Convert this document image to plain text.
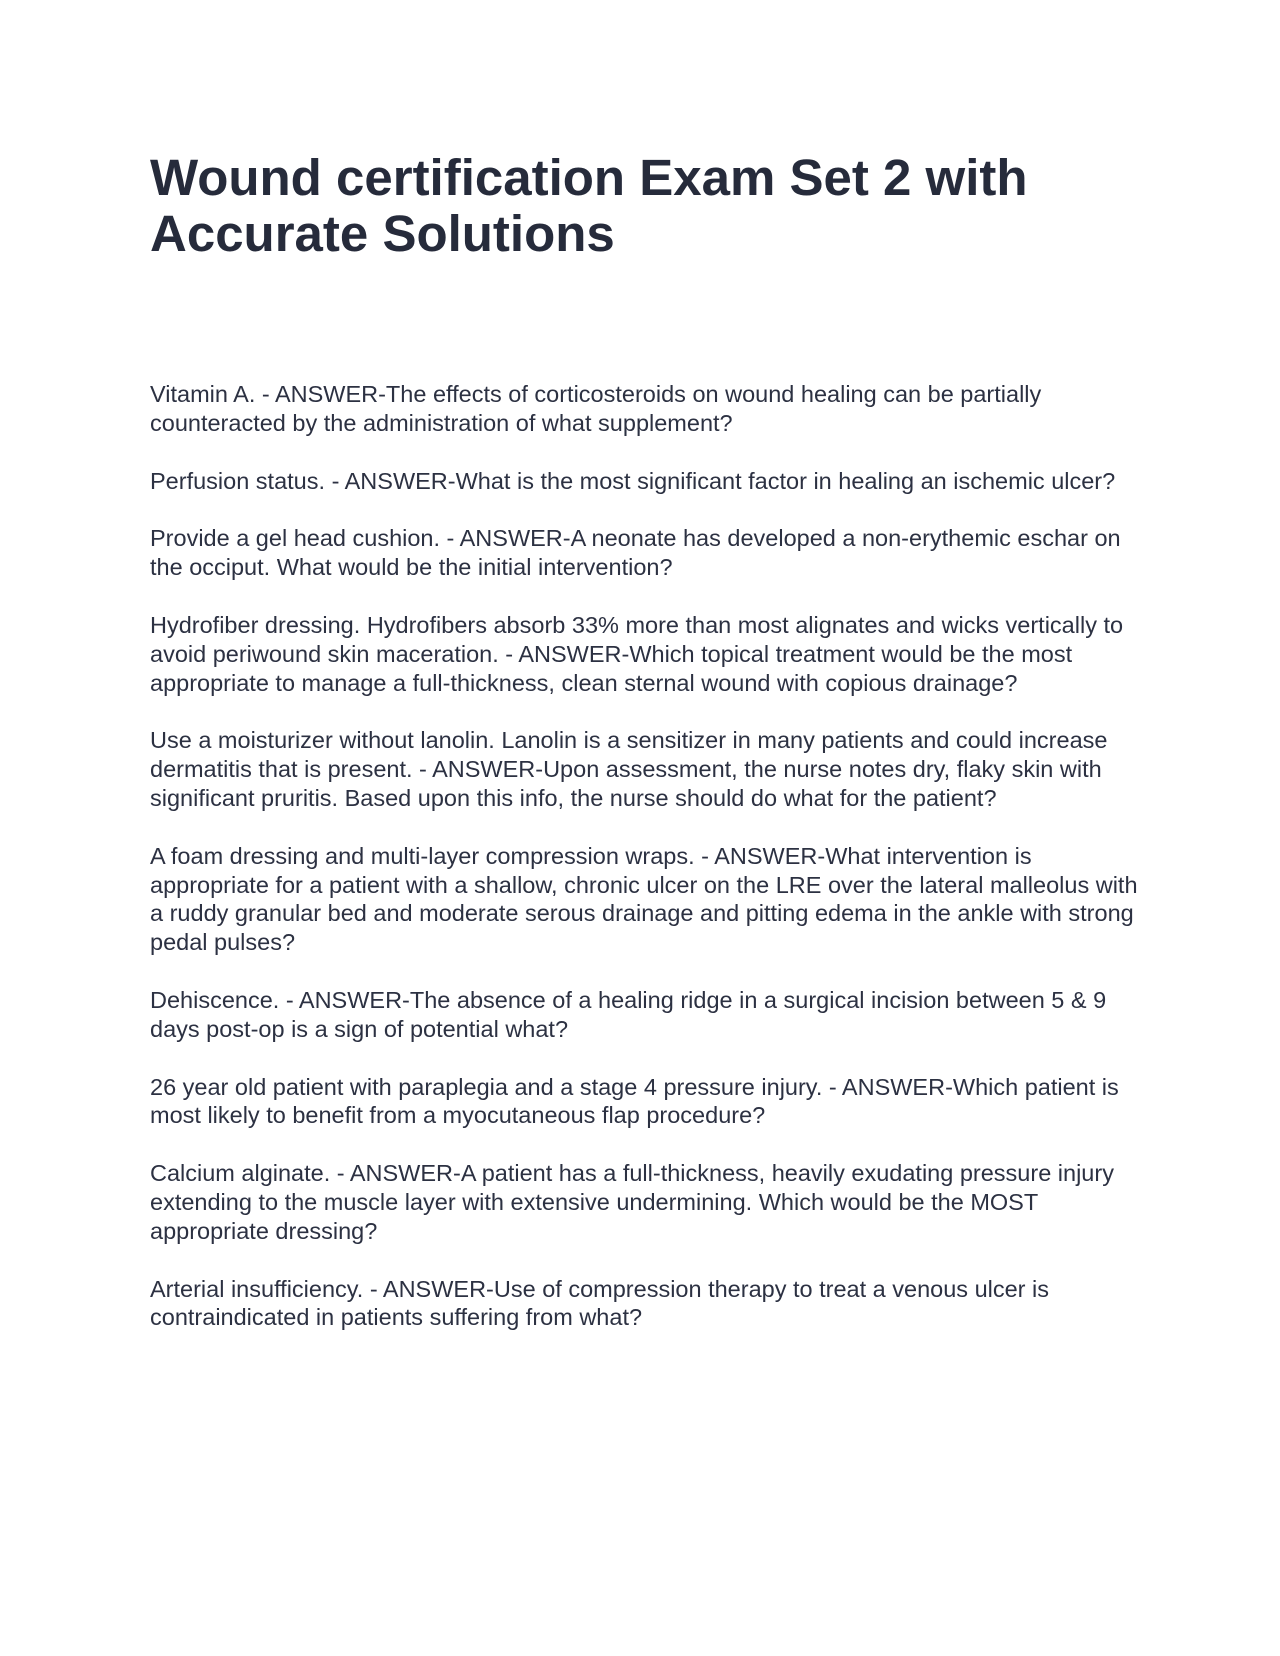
Wound certification Exam Set 2 with Accurate Solutions

Vitamin A. - ANSWER-The effects of corticosteroids on wound healing can be partially counteracted by the administration of what supplement?

Perfusion status. - ANSWER-What is the most significant factor in healing an ischemic ulcer?

Provide a gel head cushion. - ANSWER-A neonate has developed a non-erythemic eschar on the occiput. What would be the initial intervention?

Hydrofiber dressing. Hydrofibers absorb 33% more than most alignates and wicks vertically to avoid periwound skin maceration. - ANSWER-Which topical treatment would be the most appropriate to manage a full-thickness, clean sternal wound with copious drainage?

Use a moisturizer without lanolin. Lanolin is a sensitizer in many patients and could increase dermatitis that is present. - ANSWER-Upon assessment, the nurse notes dry, flaky skin with significant pruritis. Based upon this info, the nurse should do what for the patient?

A foam dressing and multi-layer compression wraps. - ANSWER-What intervention is appropriate for a patient with a shallow, chronic ulcer on the LRE over the lateral malleolus with a ruddy granular bed and moderate serous drainage and pitting edema in the ankle with strong pedal pulses?

Dehiscence. - ANSWER-The absence of a healing ridge in a surgical incision between 5 & 9 days post-op is a sign of potential what?

26 year old patient with paraplegia and a stage 4 pressure injury. - ANSWER-Which patient is most likely to benefit from a myocutaneous flap procedure?

Calcium alginate. - ANSWER-A patient has a full-thickness, heavily exudating pressure injury extending to the muscle layer with extensive undermining. Which would be the MOST appropriate dressing?

Arterial insufficiency. - ANSWER-Use of compression therapy to treat a venous ulcer is contraindicated in patients suffering from what?
